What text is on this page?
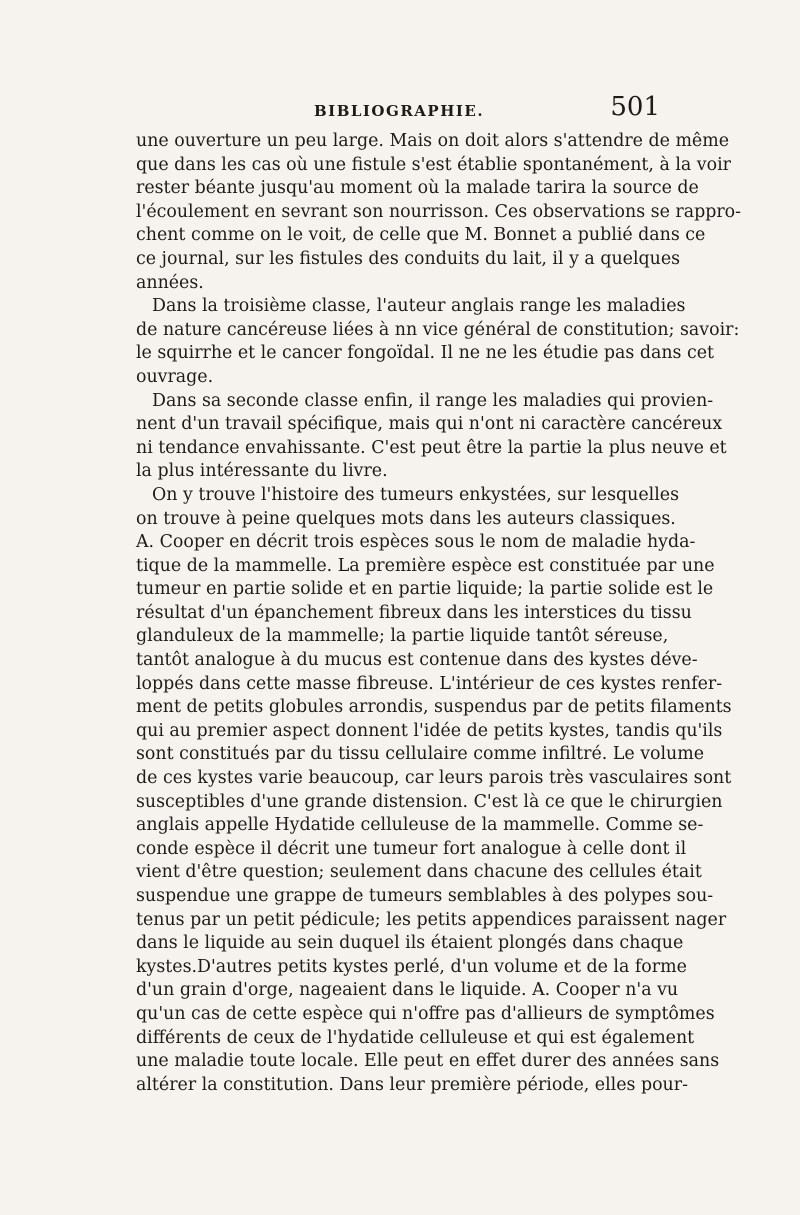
BIBLIOGRAPHIE.	501
une ouverture un peu large. Mais on doit alors s'attendre de même
que dans les cas où une fistule s'est établie spontanément, à la voir
rester béante jusqu'au moment où la malade tarira la source de
l'écoulement en sevrant son nourrisson. Ces observations se rappro-
chent comme on le voit, de celle que M. Bonnet a publié dans ce
ce journal, sur les fistules des conduits du lait, il y a quelques
années.
Dans la troisième classe, l'auteur anglais range les maladies
de nature cancéreuse liées à nn vice général de constitution; savoir:
le squirrhe et le cancer fongoïdal. Il ne ne les étudie pas dans cet
ouvrage.
Dans sa seconde classe enfin, il range les maladies qui provien-
nent d'un travail spécifique, mais qui n'ont ni caractère cancéreux
ni tendance envahissante. C'est peut être la partie la plus neuve et
la plus intéressante du livre.
On y trouve l'histoire des tumeurs enkystées, sur lesquelles
on trouve à peine quelques mots dans les auteurs classiques.
A. Cooper en décrit trois espèces sous le nom de maladie hyda-
tique de la mammelle. La première espèce est constituée par une
tumeur en partie solide et en partie liquide; la partie solide est le
résultat d'un épanchement fibreux dans les interstices du tissu
glanduleux de la mammelle; la partie liquide tantôt séreuse,
tantôt analogue à du mucus est contenue dans des kystes déve-
loppés dans cette masse fibreuse. L'intérieur de ces kystes renfer-
ment de petits globules arrondis, suspendus par de petits filaments
qui au premier aspect donnent l'idée de petits kystes, tandis qu'ils
sont constitués par du tissu cellulaire comme infiltré. Le volume
de ces kystes varie beaucoup, car leurs parois très vasculaires sont
susceptibles d'une grande distension. C'est là ce que le chirurgien
anglais appelle Hydatide celluleuse de la mammelle. Comme se-
conde espèce il décrit une tumeur fort analogue à celle dont il
vient d'être question; seulement dans chacune des cellules était
suspendue une grappe de tumeurs semblables à des polypes sou-
tenus par un petit pédicule; les petits appendices paraissent nager
dans le liquide au sein duquel ils étaient plongés dans chaque
kystes.D'autres petits kystes perlé, d'un volume et de la forme
d'un grain d'orge, nageaient dans le liquide. A. Cooper n'a vu
qu'un cas de cette espèce qui n'offre pas d'allieurs de symptômes
différents de ceux de l'hydatide celluleuse et qui est également
une maladie toute locale. Elle peut en effet durer des années sans
altérer la constitution. Dans leur première période, elles pour-
